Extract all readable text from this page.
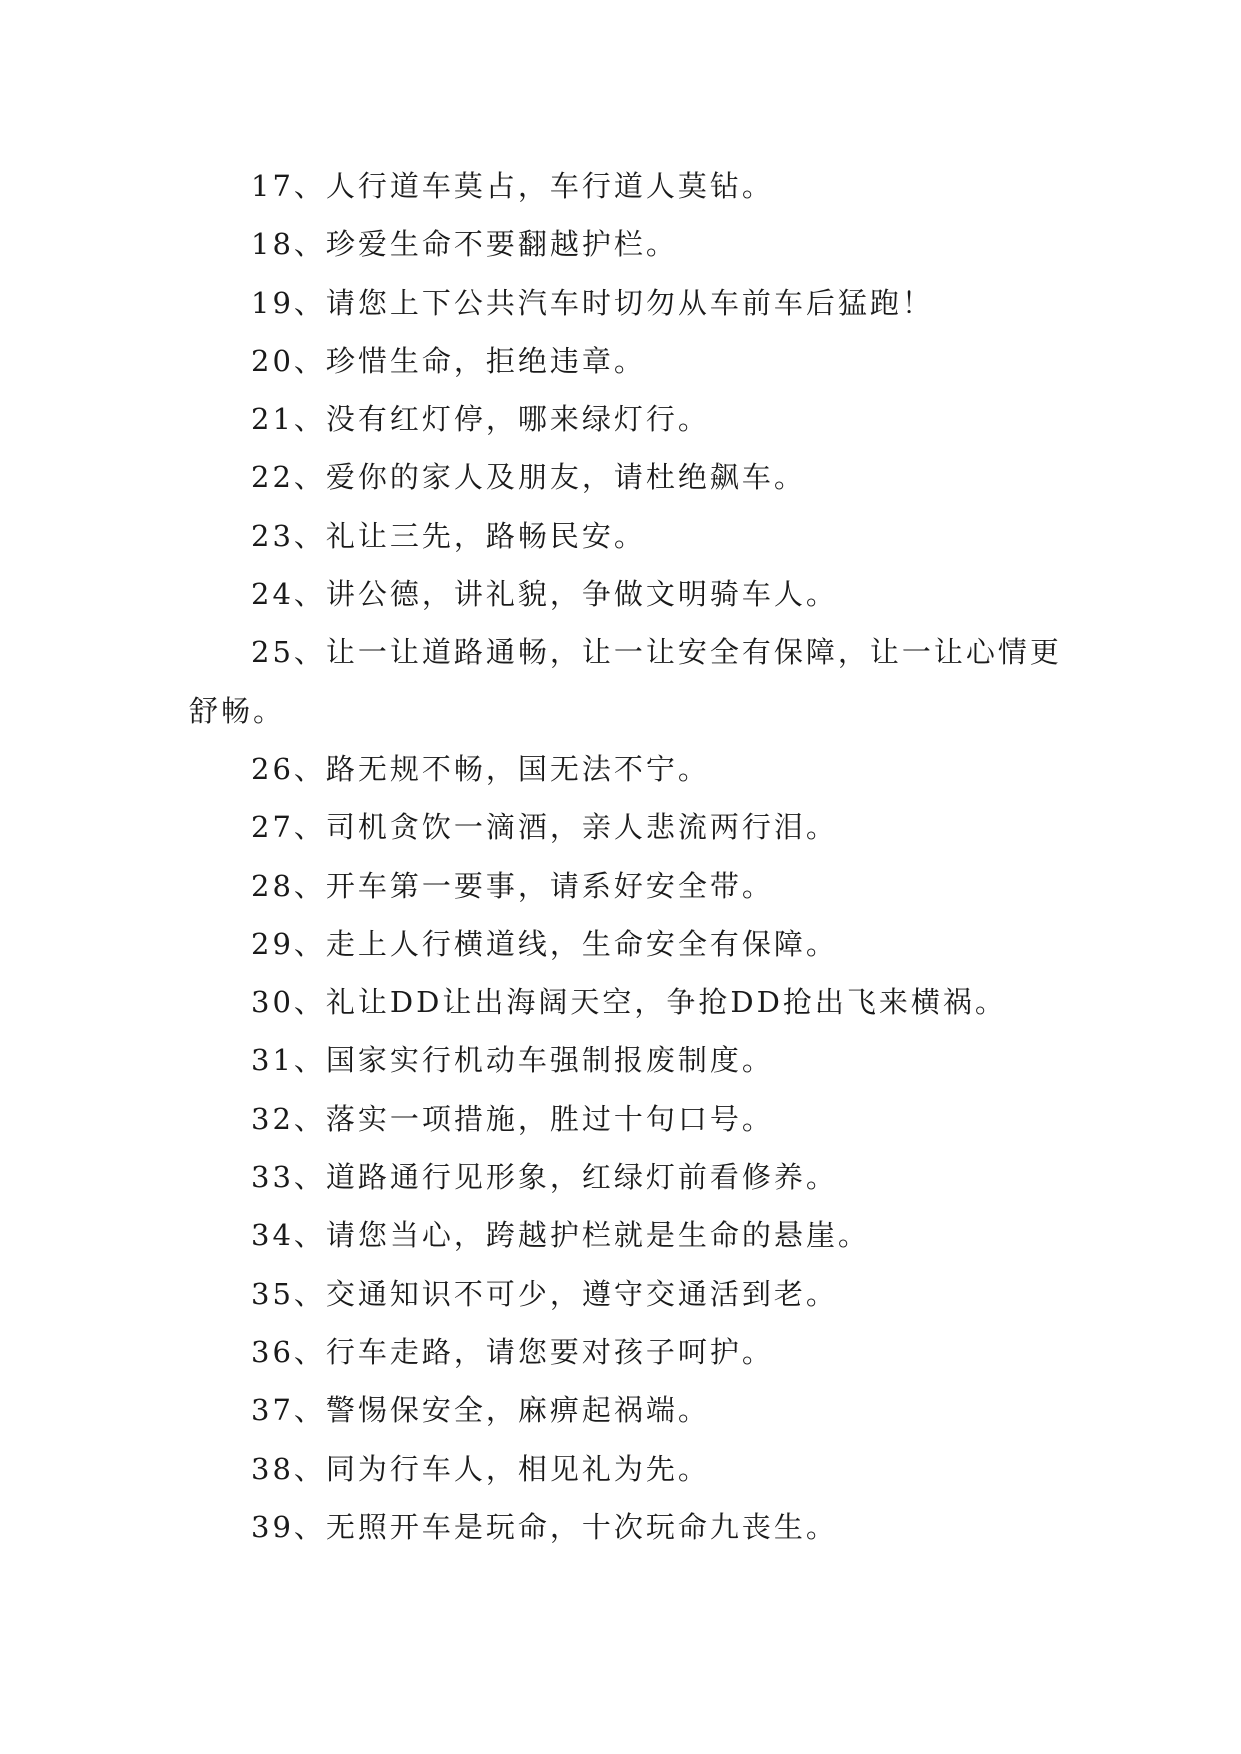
17、人行道车莫占，车行道人莫钻。

18、珍爱生命不要翻越护栏。

19、请您上下公共汽车时切勿从车前车后猛跑！

20、珍惜生命，拒绝违章。

21、没有红灯停，哪来绿灯行。

22、爱你的家人及朋友，请杜绝飙车。

23、礼让三先，路畅民安。

24、讲公德，讲礼貌，争做文明骑车人。

25、让一让道路通畅，让一让安全有保障，让一让心情更舒畅。

26、路无规不畅，国无法不宁。

27、司机贪饮一滴酒，亲人悲流两行泪。

28、开车第一要事，请系好安全带。

29、走上人行横道线，生命安全有保障。

30、礼让DD让出海阔天空，争抢DD抢出飞来横祸。

31、国家实行机动车强制报废制度。

32、落实一项措施，胜过十句口号。

33、道路通行见形象，红绿灯前看修养。

34、请您当心，跨越护栏就是生命的悬崖。

35、交通知识不可少，遵守交通活到老。

36、行车走路，请您要对孩子呵护。

37、警惕保安全，麻痹起祸端。

38、同为行车人，相见礼为先。

39、无照开车是玩命，十次玩命九丧生。
